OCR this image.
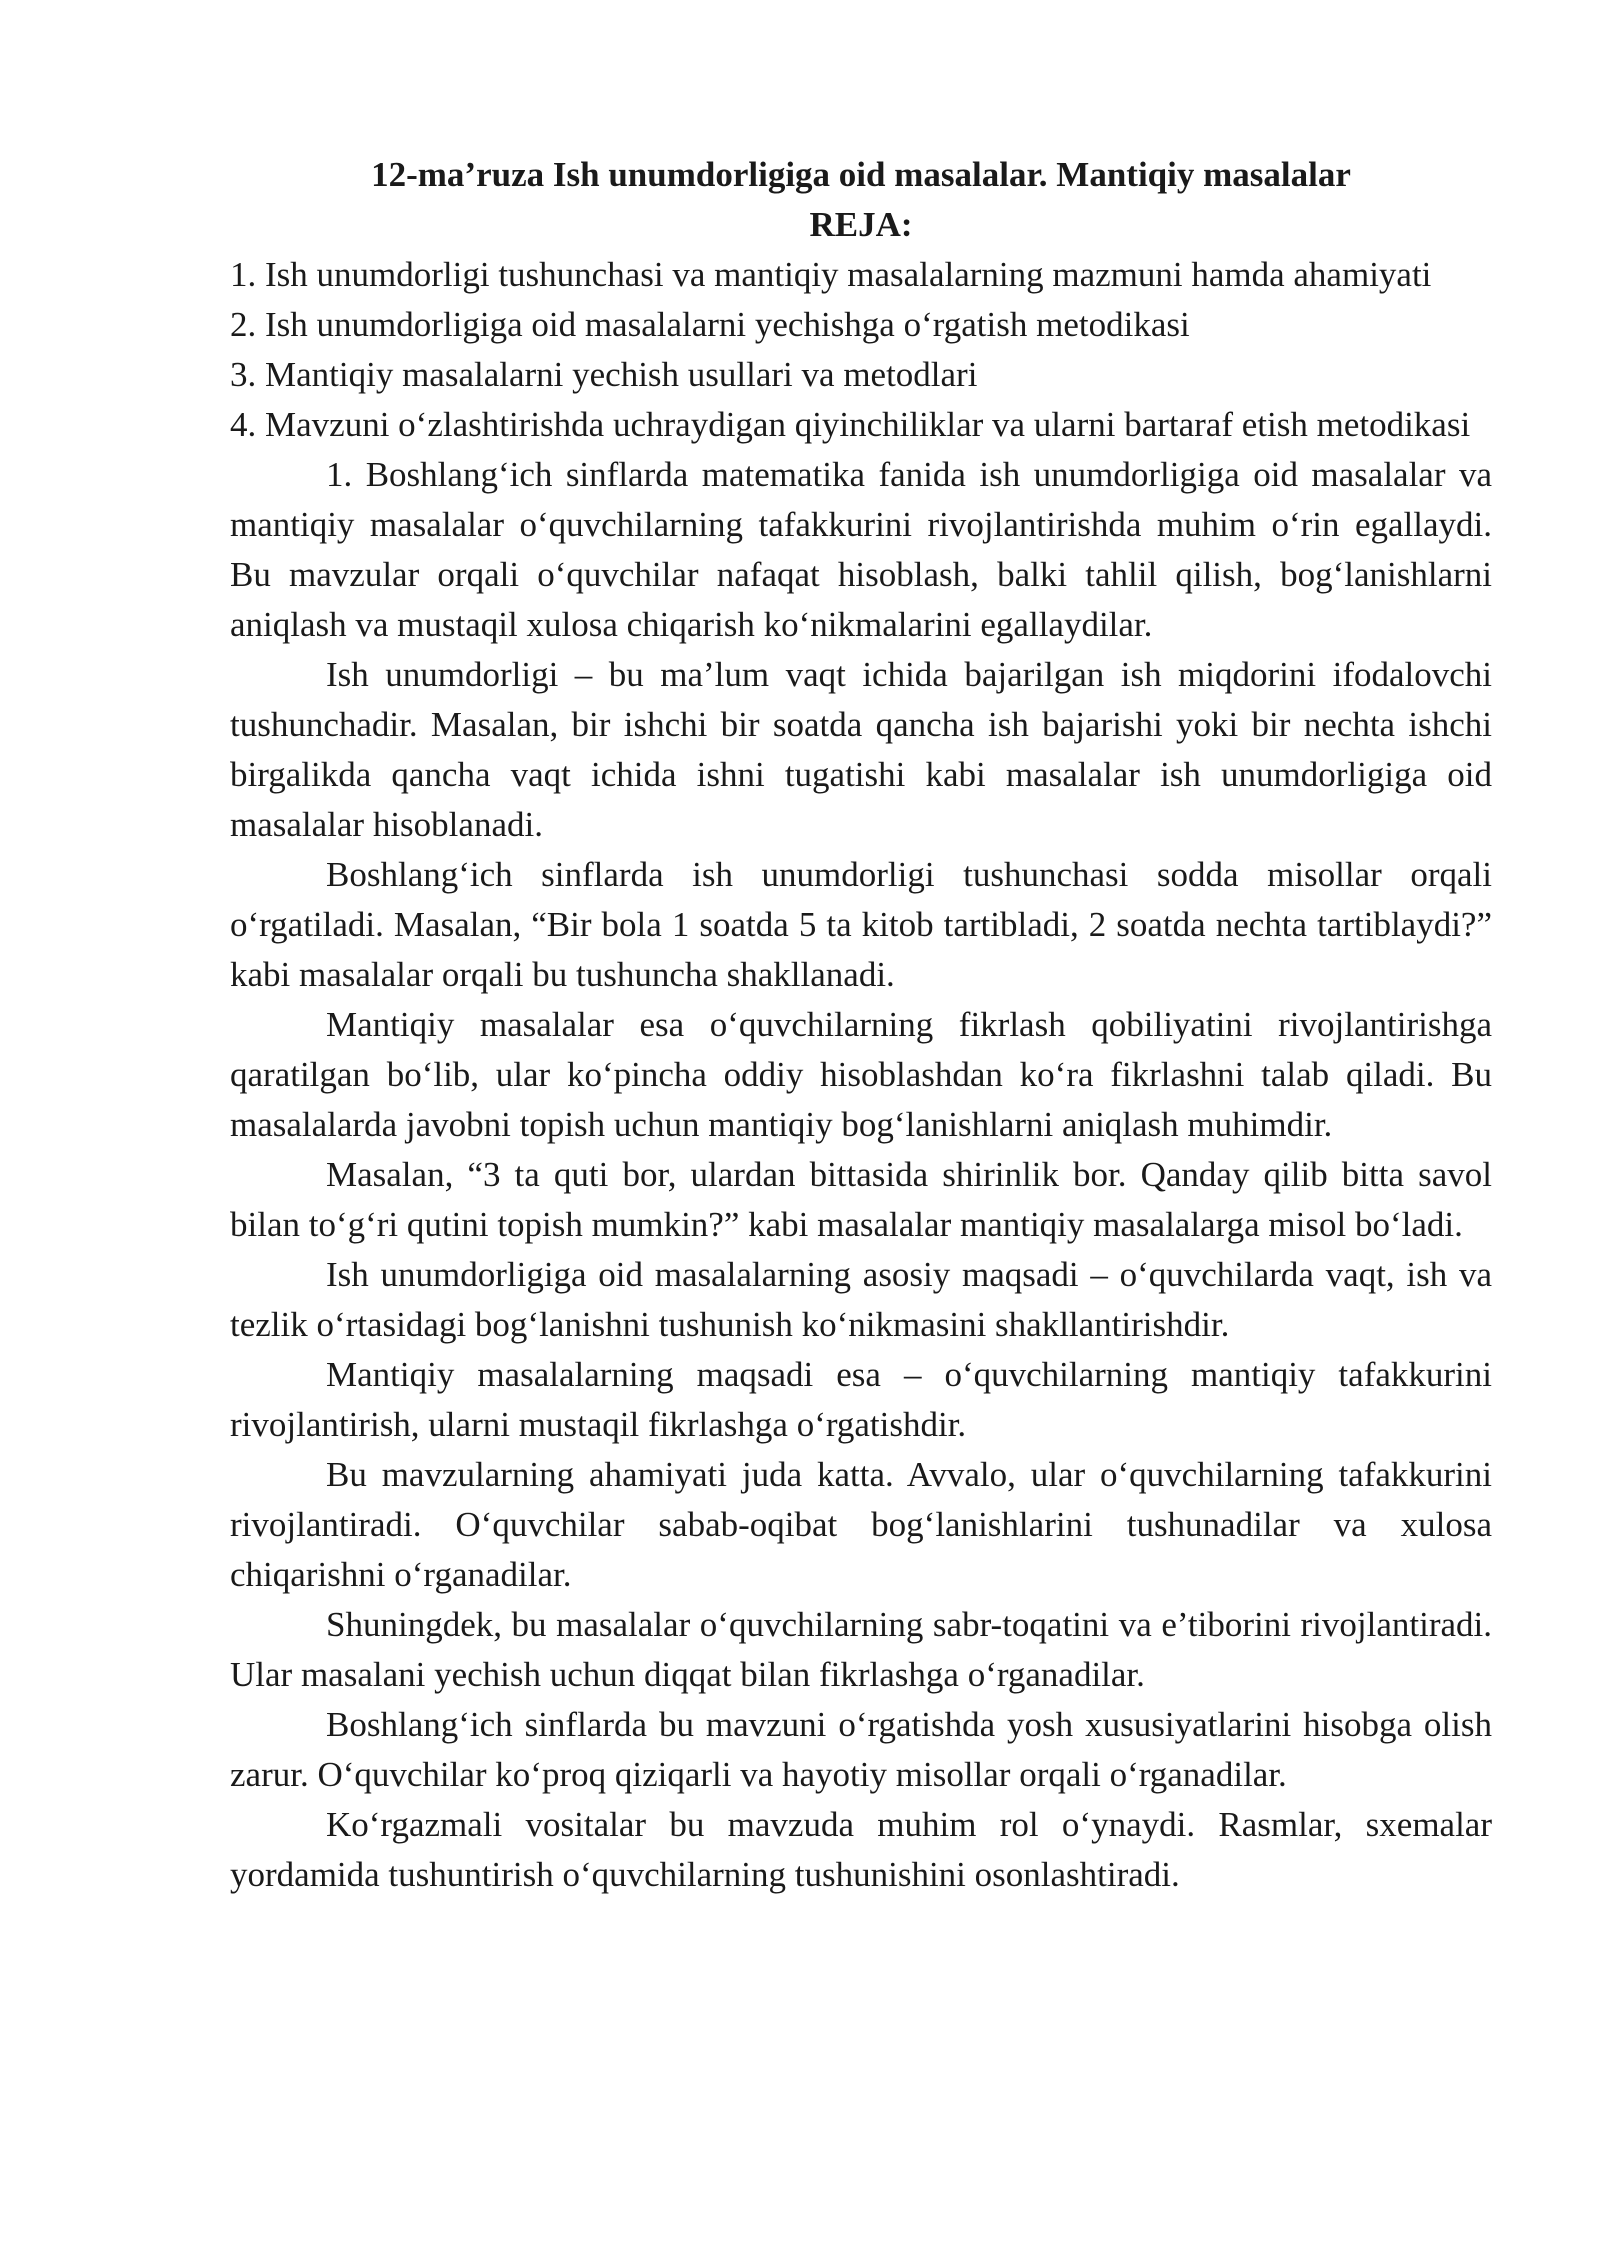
12-ma’ruza Ish unumdorligiga oid masalalar. Mantiqiy masalalar

REJA:

1. Ish unumdorligi tushunchasi va mantiqiy masalalarning mazmuni hamda ahamiyati

2. Ish unumdorligiga oid masalalarni yechishga o‘rgatish metodikasi

3. Mantiqiy masalalarni yechish usullari va metodlari

4. Mavzuni o‘zlashtirishda uchraydigan qiyinchiliklar va ularni bartaraf etish metodikasi

1. Boshlang‘ich sinflarda matematika fanida ish unumdorligiga oid masalalar va mantiqiy masalalar o‘quvchilarning tafakkurini rivojlantirishda muhim o‘rin egallaydi. Bu mavzular orqali o‘quvchilar nafaqat hisoblash, balki tahlil qilish, bog‘lanishlarni aniqlash va mustaqil xulosa chiqarish ko‘nikmalarini egallaydilar.

Ish unumdorligi – bu ma’lum vaqt ichida bajarilgan ish miqdorini ifodalovchi tushunchadir. Masalan, bir ishchi bir soatda qancha ish bajarishi yoki bir nechta ishchi birgalikda qancha vaqt ichida ishni tugatishi kabi masalalar ish unumdorligiga oid masalalar hisoblanadi.

Boshlang‘ich sinflarda ish unumdorligi tushunchasi sodda misollar orqali o‘rgatiladi. Masalan, “Bir bola 1 soatda 5 ta kitob tartibladi, 2 soatda nechta tartiblaydi?” kabi masalalar orqali bu tushuncha shakllanadi.

Mantiqiy masalalar esa o‘quvchilarning fikrlash qobiliyatini rivojlantirishga qaratilgan bo‘lib, ular ko‘pincha oddiy hisoblashdan ko‘ra fikrlashni talab qiladi. Bu masalalarda javobni topish uchun mantiqiy bog‘lanishlarni aniqlash muhimdir.

Masalan, “3 ta quti bor, ulardan bittasida shirinlik bor. Qanday qilib bitta savol bilan to‘g‘ri qutini topish mumkin?” kabi masalalar mantiqiy masalalarga misol bo‘ladi.

Ish unumdorligiga oid masalalarning asosiy maqsadi – o‘quvchilarda vaqt, ish va tezlik o‘rtasidagi bog‘lanishni tushunish ko‘nikmasini shakllantirishdir.

Mantiqiy masalalarning maqsadi esa – o‘quvchilarning mantiqiy tafakkurini rivojlantirish, ularni mustaqil fikrlashga o‘rgatishdir.

Bu mavzularning ahamiyati juda katta. Avvalo, ular o‘quvchilarning tafakkurini rivojlantiradi. O‘quvchilar sabab-oqibat bog‘lanishlarini tushunadilar va xulosa chiqarishni o‘rganadilar.

Shuningdek, bu masalalar o‘quvchilarning sabr-toqatini va e’tiborini rivojlantiradi. Ular masalani yechish uchun diqqat bilan fikrlashga o‘rganadilar.

Boshlang‘ich sinflarda bu mavzuni o‘rgatishda yosh xususiyatlarini hisobga olish zarur. O‘quvchilar ko‘proq qiziqarli va hayotiy misollar orqali o‘rganadilar.

Ko‘rgazmali vositalar bu mavzuda muhim rol o‘ynaydi. Rasmlar, sxemalar yordamida tushuntirish o‘quvchilarning tushunishini osonlashtiradi.
